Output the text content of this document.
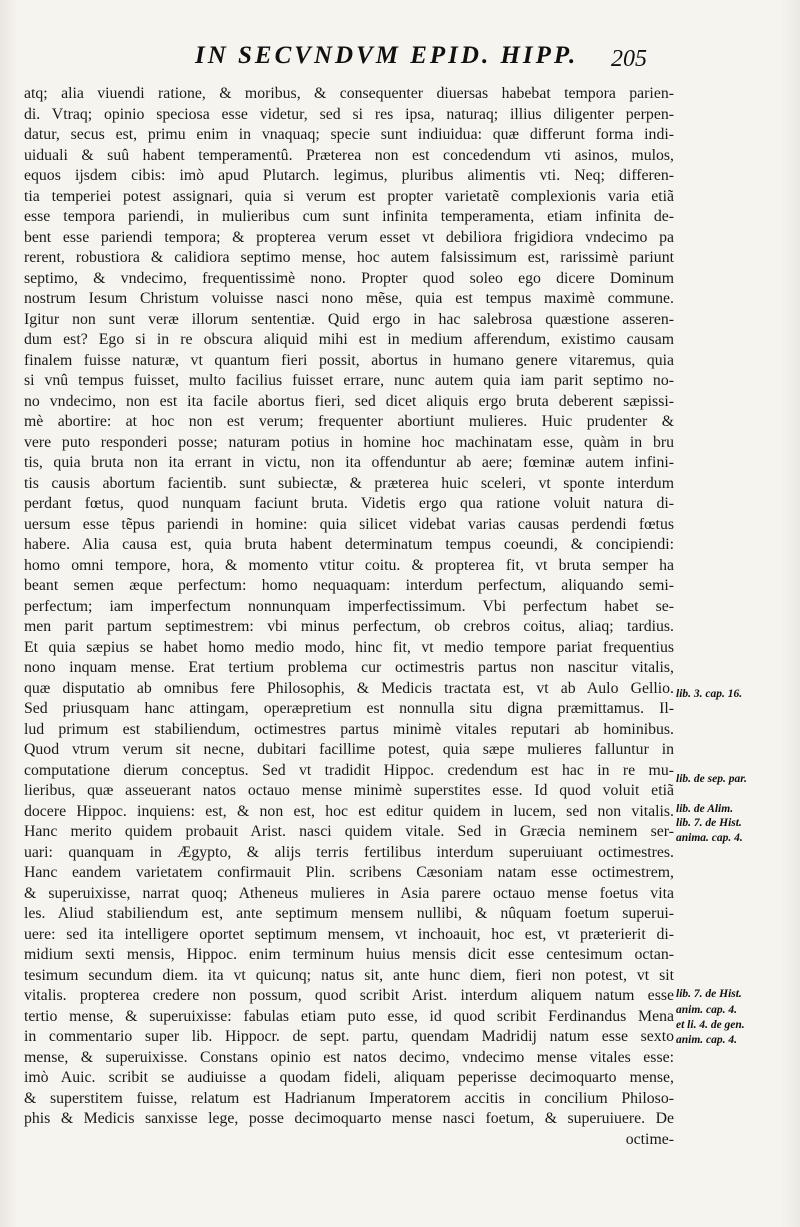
IN SECVNDVM EPID. HIPP. 205
atq; alia viuendi ratione, & moribus, & consequenter diuersas habebat tempora parien-
di. Vtraq; opinio speciosa esse videtur, sed si res ipsa, naturaq; illius diligenter perpen-
datur, secus est, primu enim in vnaquaq; specie sunt indiuidua: quæ differunt forma indi-
uiduali & suû habent temperamentû. Præterea non est concedendum vti asinos, mulos,
equos ijsdem cibis: imò apud Plutarch. legimus, pluribus alimentis vti. Neq; differen-
tia temperiei potest assignari, quia si verum est propter varietatẽ complexionis varia etiã
esse tempora pariendi, in mulieribus cum sunt infinita temperamenta, etiam infinita de-
bent esse pariendi tempora; & propterea verum esset vt debiliora frigidiora vndecimo pa
rerent, robustiora & calidiora septimo mense, hoc autem falsissimum est, rarissimè pariunt
septimo, & vndecimo, frequentissimè nono. Propter quod soleo ego dicere Dominum
nostrum Iesum Christum voluisse nasci nono mẽse, quia est tempus maximè commune.
Igitur non sunt veræ illorum sententiæ. Quid ergo in hac salebrosa quæstione asseren-
dum est? Ego si in re obscura aliquid mihi est in medium afferendum, existimo causam
finalem fuisse naturæ, vt quantum fieri possit, abortus in humano genere vitaremus, quia
si vnû tempus fuisset, multo facilius fuisset errare, nunc autem quia iam parit septimo no-
no vndecimo, non est ita facile abortus fieri, sed dicet aliquis ergo bruta deberent sæpissi-
mè abortire: at hoc non est verum; frequenter abortiunt mulieres. Huic prudenter &
vere puto responderi posse; naturam potius in homine hoc machinatam esse, quàm in bru
tis, quia bruta non ita errant in victu, non ita offenduntur ab aere; fœminæ autem infini-
tis causis abortum facientib. sunt subiectæ, & præterea huic sceleri, vt sponte interdum
perdant fœtus, quod nunquam faciunt bruta. Videtis ergo qua ratione voluit natura di-
uersum esse tẽpus pariendi in homine: quia silicet videbat varias causas perdendi fœtus
habere. Alia causa est, quia bruta habent determinatum tempus coeundi, & concipiendi:
homo omni tempore, hora, & momento vtitur coitu. & propterea fit, vt bruta semper ha
beant semen æque perfectum: homo nequaquam: interdum perfectum, aliquando semi-
perfectum; iam imperfectum nonnunquam imperfectissimum. Vbi perfectum habet se-
men parit partum septimestrem: vbi minus perfectum, ob crebros coitus, aliaq; tardius.
Et quia sæpius se habet homo medio modo, hinc fit, vt medio tempore pariat frequentius
nono inquam mense. Erat tertium problema cur octimestris partus non nascitur vitalis,
quæ disputatio ab omnibus fere Philosophis, & Medicis tractata est, vt ab Aulo Gellio.
Sed priusquam hanc attingam, operæpretium est nonnulla situ digna præmittamus. Il-
lud primum est stabiliendum, octimestres partus minimè vitales reputari ab hominibus.
Quod vtrum verum sit necne, dubitari facillime potest, quia sæpe mulieres falluntur in
computatione dierum conceptus. Sed vt tradidit Hippoc. credendum est hac in re mu-
lieribus, quæ asseuerant natos octauo mense minimè superstites esse. Id quod voluit etiã
docere Hippoc. inquiens: est, & non est, hoc est editur quidem in lucem, sed non vitalis.
Hanc merito quidem probauit Arist. nasci quidem vitale. Sed in Græcia neminem ser-
uari: quanquam in Ægypto, & alijs terris fertilibus interdum superuiuant octimestres.
Hanc eandem varietatem confirmauit Plin. scribens Cæsoniam natam esse octimestrem,
& superuixisse, narrat quoq; Atheneus mulieres in Asia parere octauo mense foetus vita
les. Aliud stabiliendum est, ante septimum mensem nullibi, & nûquam foetum superui-
uere: sed ita intelligere oportet septimum mensem, vt inchoauit, hoc est, vt præterierit di-
midium sexti mensis, Hippoc. enim terminum huius mensis dicit esse centesimum octan-
tesimum secundum diem. ita vt quicunq; natus sit, ante hunc diem, fieri non potest, vt sit
vitalis. propterea credere non possum, quod scribit Arist. interdum aliquem natum esse
tertio mense, & superuixisse: fabulas etiam puto esse, id quod scribit Ferdinandus Mena
in commentario super lib. Hippocr. de sept. partu, quendam Madridij natum esse sexto
mense, & superuixisse. Constans opinio est natos decimo, vndecimo mense vitales esse:
imò Auic. scribit se audiuisse a quodam fideli, aliquam peperisse decimoquarto mense,
& superstitem fuisse, relatum est Hadrianum Imperatorem accitis in concilium Philoso-
phis & Medicis sanxisse lege, posse decimoquarto mense nasci foetum, & superuiuere. De
octime-
lib. 3. cap. 16.
lib. de sep. par.
lib. de Alim.
lib. 7. de Hist.
anima. cap. 4.
lib. 7. de Hist.
anim. cap. 4.
et li. 4. de gen.
anim. cap. 4.
